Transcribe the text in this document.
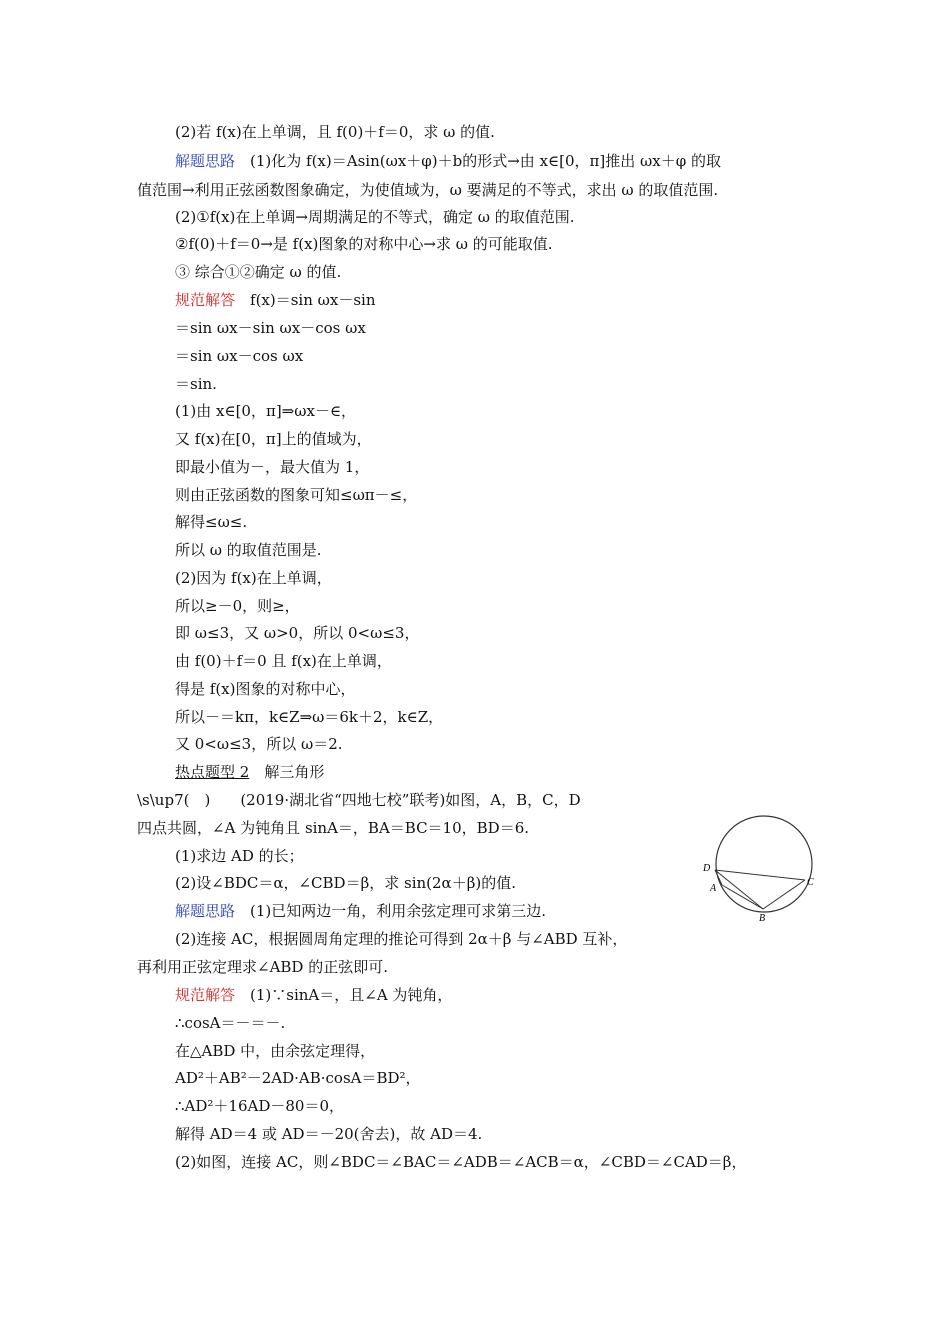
(2)若 f(x)在上单调，且 f(0)＋f＝0，求 ω 的值.
解题思路　(1)化为 f(x)＝Asin(ωx＋φ)＋b的形式→由 x∈[0，π]推出 ωx＋φ 的取
值范围→利用正弦函数图象确定，为使值域为，ω 要满足的不等式，求出 ω 的取值范围.
(2)①f(x)在上单调→周期满足的不等式，确定 ω 的取值范围.
②f(0)＋f＝0→是 f(x)图象的对称中心→求 ω 的可能取值.
③ 综合①②确定 ω 的值.
规范解答　f(x)＝sin ωx－sin
＝sin ωx－sin ωx－cos ωx
＝sin ωx－cos ωx
＝sin.
(1)由 x∈[0，π]⇒ωx－∈，
又 f(x)在[0，π]上的值域为，
即最小值为－，最大值为 1，
则由正弦函数的图象可知≤ωπ－≤，
解得≤ω≤.
所以 ω 的取值范围是.
(2)因为 f(x)在上单调，
所以≥－0，则≥，
即 ω≤3，又 ω>0，所以 0<ω≤3，
由 f(0)＋f＝0 且 f(x)在上单调，
得是 f(x)图象的对称中心，
所以－＝kπ，k∈Z⇒ω＝6k＋2，k∈Z，
又 0<ω≤3，所以 ω＝2.
热点题型 2　解三角形
\s\up7(　)　　(2019·湖北省“四地七校”联考)如图，A，B，C，D
四点共圆，∠A 为钝角且 sinA＝，BA＝BC＝10，BD＝6.
(1)求边 AD 的长；
(2)设∠BDC＝α，∠CBD＝β，求 sin(2α＋β)的值.
解题思路　(1)已知两边一角，利用余弦定理可求第三边.
(2)连接 AC，根据圆周角定理的推论可得到 2α＋β 与∠ABD 互补，
再利用正弦定理求∠ABD 的正弦即可.
规范解答　(1)∵sinA＝，且∠A 为钝角，
∴cosA＝－＝－.
在△ABD 中，由余弦定理得，
AD²＋AB²－2AD·AB·cosA＝BD²，
∴AD²＋16AD－80＝0，
解得 AD＝4 或 AD＝－20(舍去)，故 AD＝4.
(2)如图，连接 AC，则∠BDC＝∠BAC＝∠ADB＝∠ACB＝α，∠CBD＝∠CAD＝β，
D
A
B
C
